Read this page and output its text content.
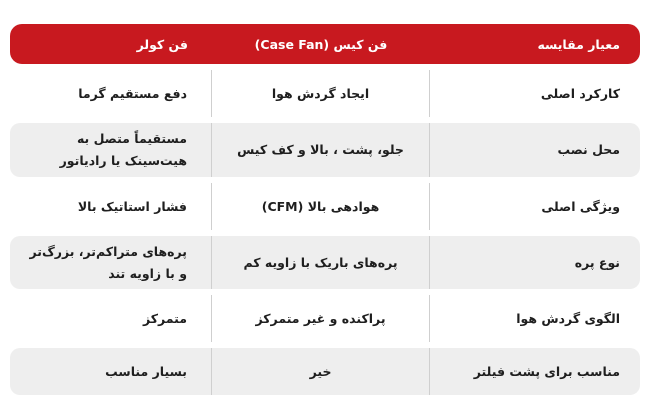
معیار مقایسه
فن کیس (Case Fan)
فن کولر
کارکرد اصلی
ایجاد گردش هوا
دفع مستقیم گرما
محل نصب
جلو، پشت ، بالا و کف کیس
مستقیماً متصل به هیت‌سینک یا رادیاتور
ویژگی اصلی
هوادهی بالا (CFM)
فشار استاتیک بالا
نوع پره
پره‌های باریک با زاویه کم
پره‌های متراکم‌تر، بزرگ‌تر و با زاویه تند
الگوی گردش هوا
پراکنده و غیر متمرکز
متمرکز
مناسب برای پشت فیلتر
خیر
بسیار مناسب
